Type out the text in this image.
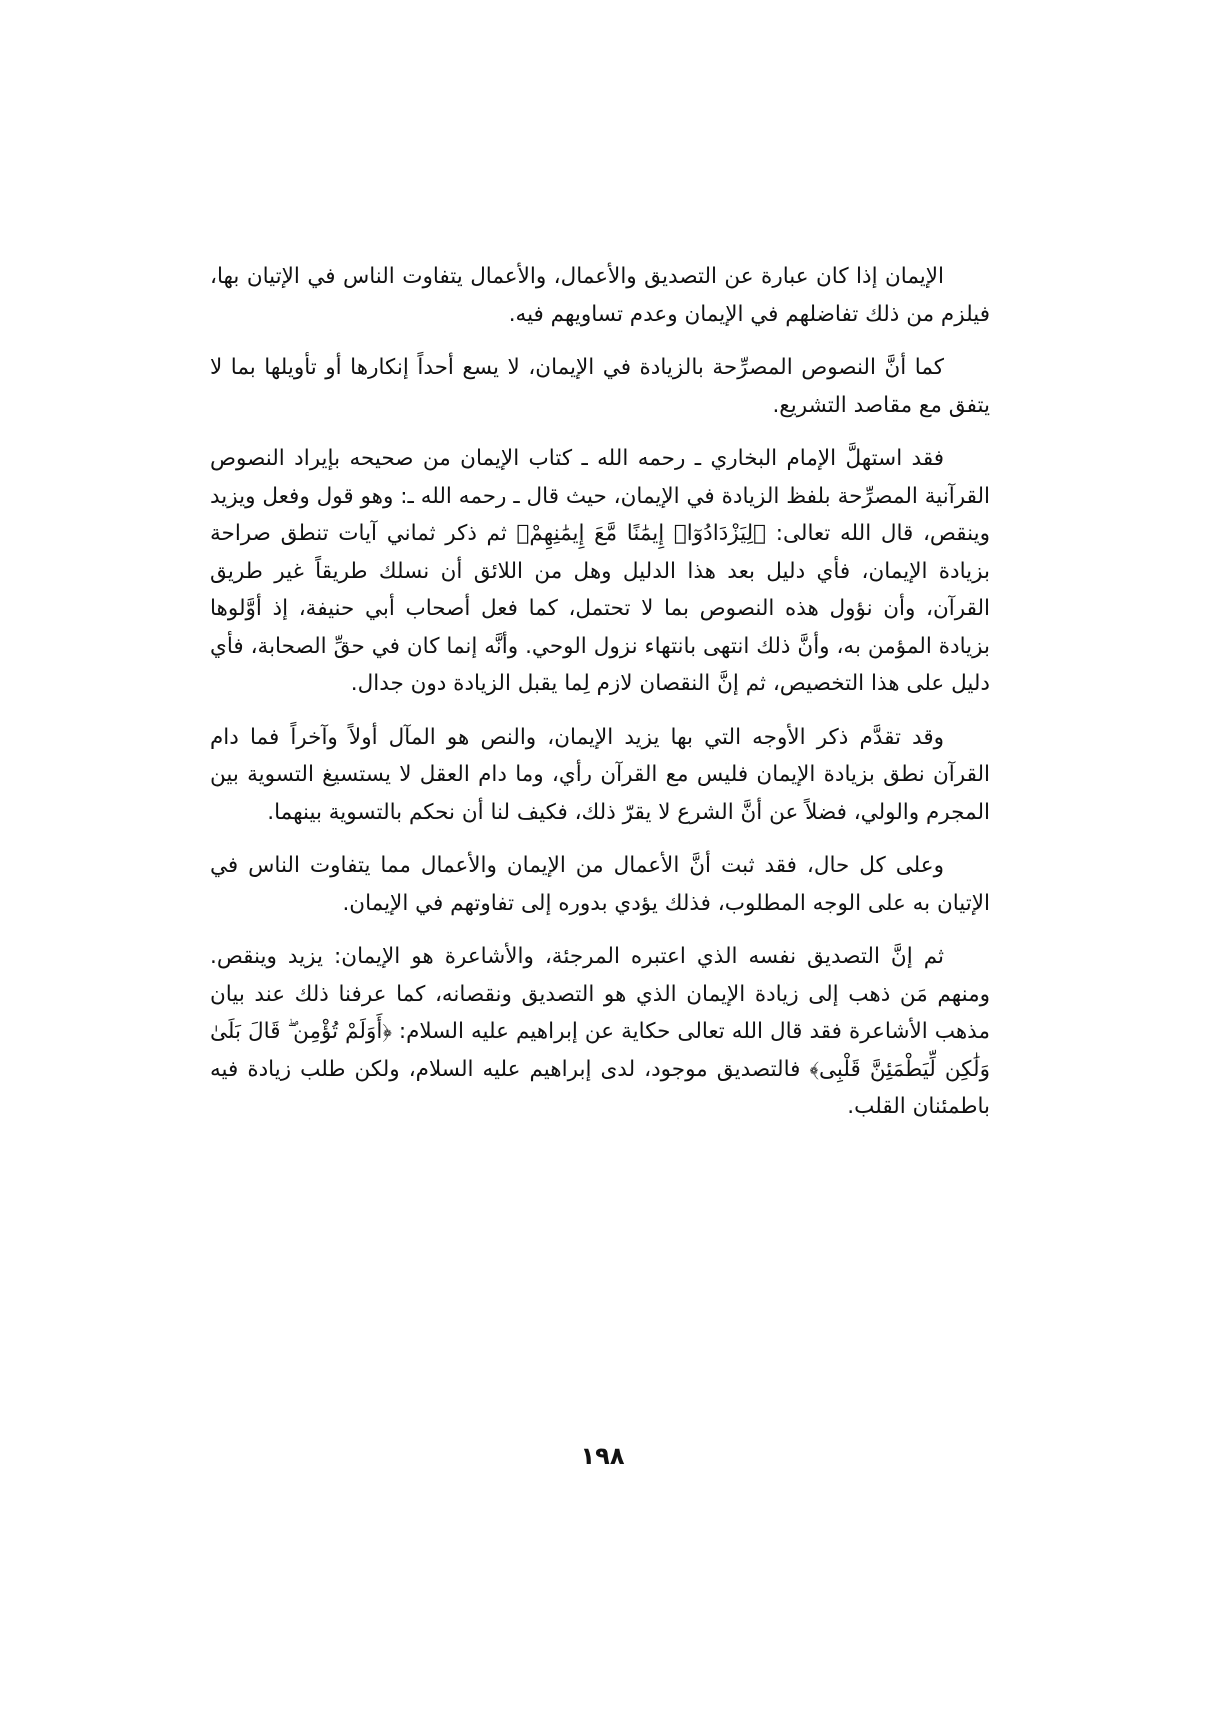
الإيمان إذا كان عبارة عن التصديق والأعمال، والأعمال يتفاوت الناس في الإتيان بها، فيلزم من ذلك تفاضلهم في الإيمان وعدم تساويهم فيه.

كما أنَّ النصوص المصرِّحة بالزيادة في الإيمان، لا يسع أحداً إنكارها أو تأويلها بما لا يتفق مع مقاصد التشريع.

فقد استهلَّ الإمام البخاري ـ رحمه الله ـ كتاب الإيمان من صحيحه بإيراد النصوص القرآنية المصرِّحة بلفظ الزيادة في الإيمان، حيث قال ـ رحمه الله ـ: وهو قول وفعل ويزيد وينقص، قال الله تعالى: ﴿لِيَزْدَادُوٓا۟ إِيمَٰنًا مَّعَ إِيمَٰنِهِمْ﴾ ثم ذكر ثماني آيات تنطق صراحة بزيادة الإيمان، فأي دليل بعد هذا الدليل وهل من اللائق أن نسلك طريقاً غير طريق القرآن، وأن نؤول هذه النصوص بما لا تحتمل، كما فعل أصحاب أبي حنيفة، إذ أوَّلوها بزيادة المؤمن به، وأنَّ ذلك انتهى بانتهاء نزول الوحي. وأنَّه إنما كان في حقِّ الصحابة، فأي دليل على هذا التخصيص، ثم إنَّ النقصان لازم لِما يقبل الزيادة دون جدال.

وقد تقدَّم ذكر الأوجه التي بها يزيد الإيمان، والنص هو المآل أولاً وآخراً فما دام القرآن نطق بزيادة الإيمان فليس مع القرآن رأي، وما دام العقل لا يستسيغ التسوية بين المجرم والولي، فضلاً عن أنَّ الشرع لا يقرّ ذلك، فكيف لنا أن نحكم بالتسوية بينهما.

وعلى كل حال، فقد ثبت أنَّ الأعمال من الإيمان والأعمال مما يتفاوت الناس في الإتيان به على الوجه المطلوب، فذلك يؤدي بدوره إلى تفاوتهم في الإيمان.

ثم إنَّ التصديق نفسه الذي اعتبره المرجئة، والأشاعرة هو الإيمان: يزيد وينقص. ومنهم مَن ذهب إلى زيادة الإيمان الذي هو التصديق ونقصانه، كما عرفنا ذلك عند بيان مذهب الأشاعرة فقد قال الله تعالى حكاية عن إبراهيم عليه السلام: ﴿أَوَلَمْ تُؤْمِن ۖ قَالَ بَلَىٰ وَلَٰكِن لِّيَطْمَئِنَّ قَلْبِى﴾ فالتصديق موجود، لدى إبراهيم عليه السلام، ولكن طلب زيادة فيه باطمئنان القلب.

١٩٨
